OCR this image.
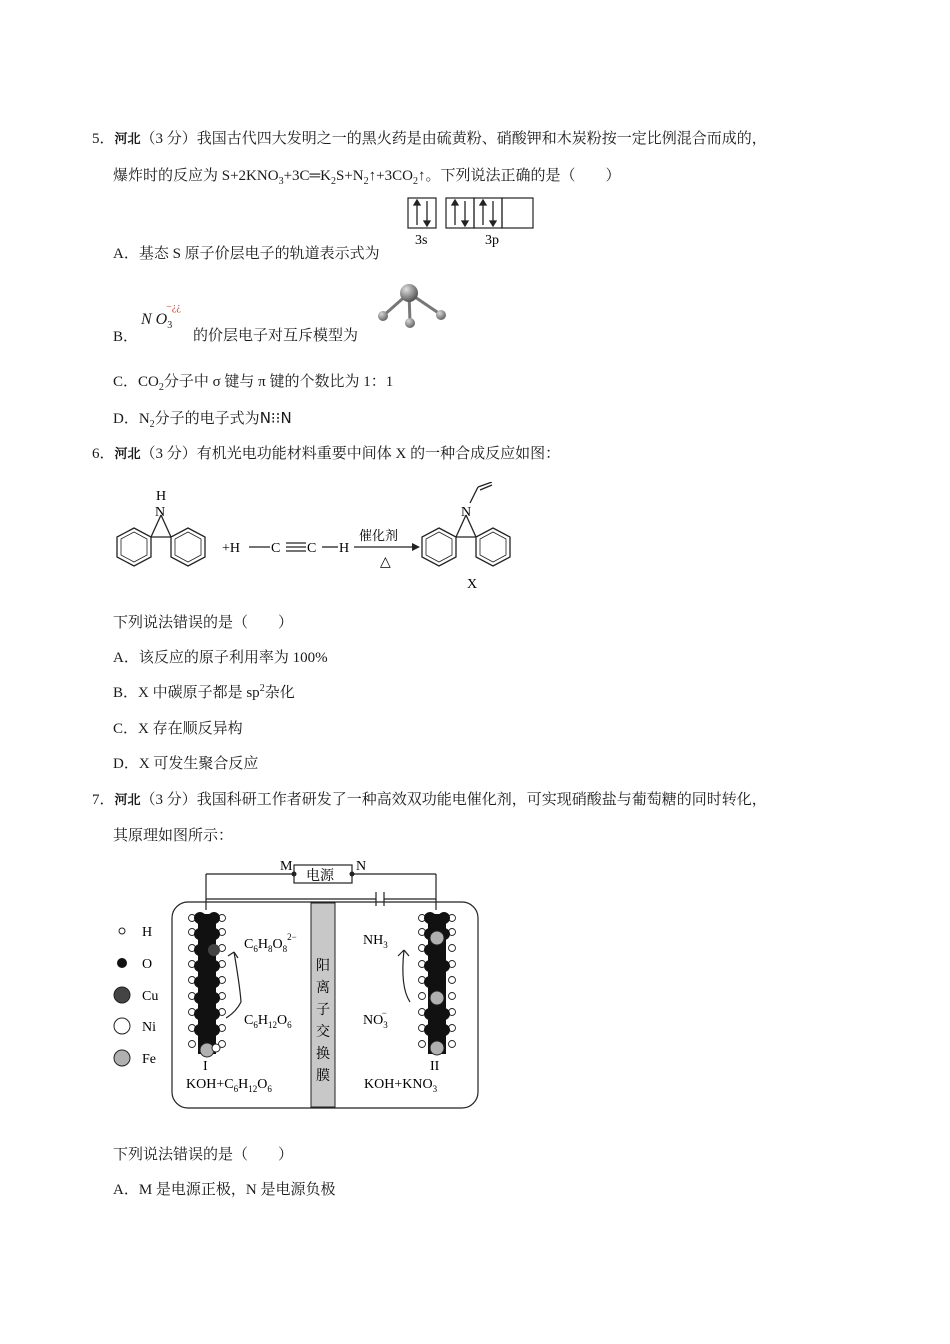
5．河北（3 分）我国古代四大发明之一的黑火药是由硫黄粉、硝酸钾和木炭粉按一定比例混合而成的，
爆炸时的反应为 $S+2KNO_3+3C═K_2S+N_2↑+3CO_2↑$。下列说法正确的是（　　）
3s	3p
A．基态 S 原子价层电子的轨道表示式为
B．
N $O_3^{-¿¿}$
的价层电子对互斥模型为
C．$CO_2$分子中 σ 键与 π 键的个数比为 1：1
D．$N_2$分子的电子式为N⁝⁝N
6．河北（3 分）有机光电功能材料重要中间体 X 的一种合成反应如图：
H
N
+H C C H
催化剂
△
N
X
下列说法错误的是（　　）
A．该反应的原子利用率为 100%
B．X 中碳原子都是 $sp^2$杂化
C．X 存在顺反异构
D．X 可发生聚合反应
7．河北（3 分）我国科研工作者研发了一种高效双功能电催化剂，可实现硝酸盐与葡萄糖的同时转化，
其原理如图所示：
M	N
电源
阳
离
子
交
换
膜
H
O
Cu
Ni
Fe
$C_6H_8O_8^{2-}$
$C_6H_{12}O_6$
$NH_3$
$NO_3-$
I	II
$KOH+C_6H_{12}O_6$	$KOH+KNO_3$
下列说法错误的是（　　）
A．M 是电源正极，N 是电源负极
